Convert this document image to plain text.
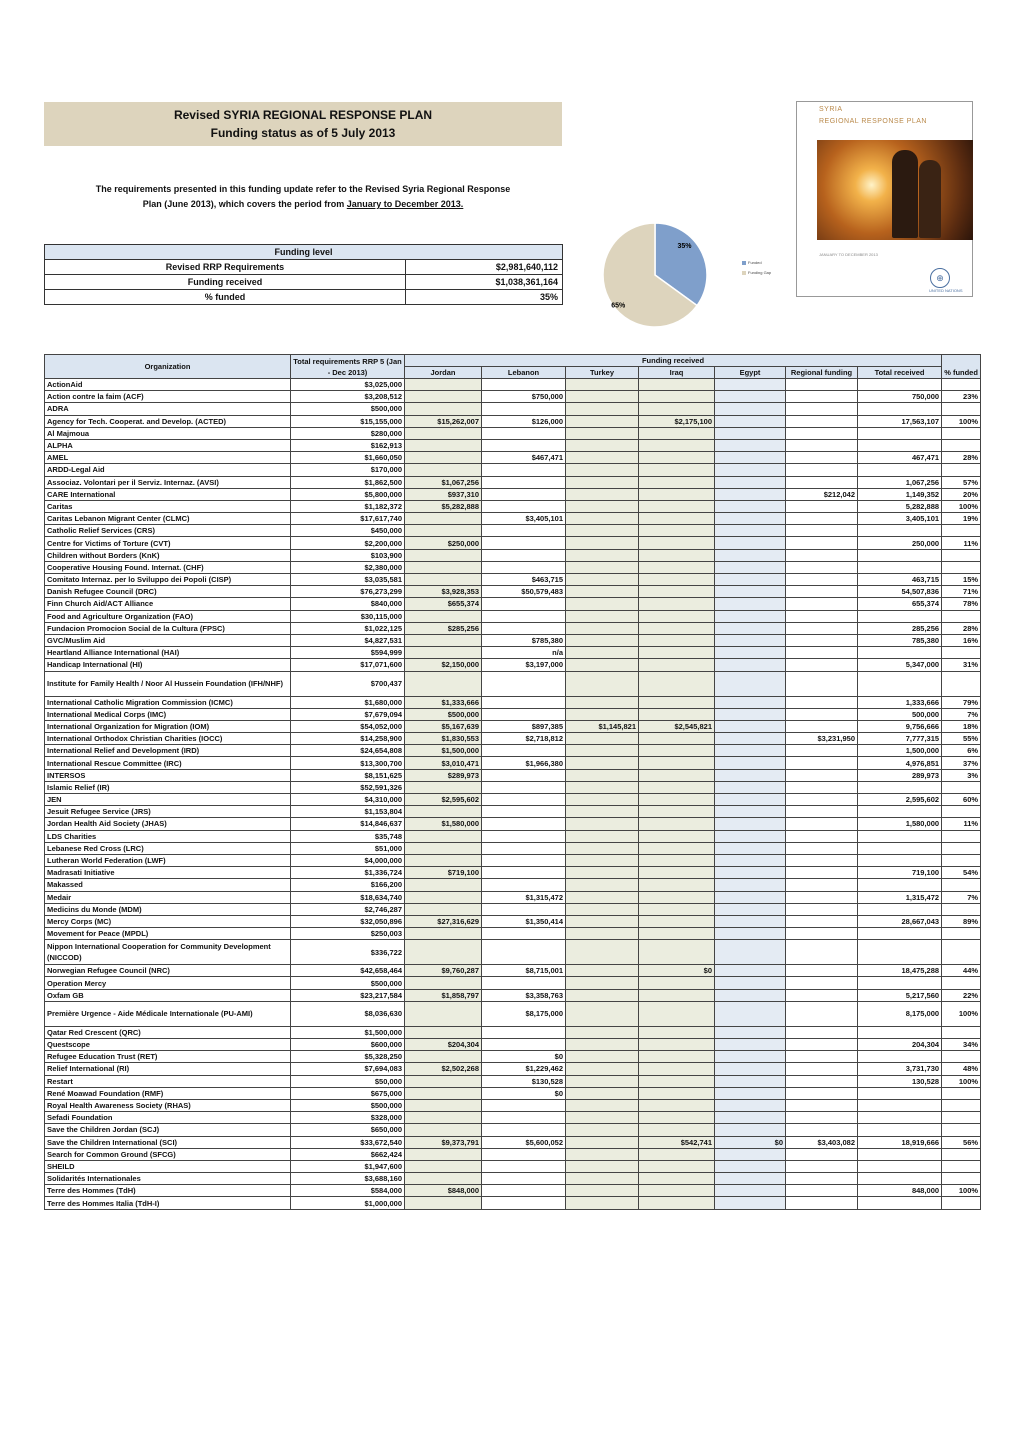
Revised SYRIA REGIONAL RESPONSE PLAN
Funding status as of 5 July 2013
The requirements presented in this funding update refer to the Revised Syria Regional Response
Plan (June 2013), which covers the period from January to December 2013.
Funding level	
Revised RRP Requirements	$2,981,640,112
Funding received	$1,038,361,164
% funded	35%
35%
65%
Funded
Funding Gap
SYRIA
REGIONAL RESPONSE PLAN
JANUARY TO DECEMBER 2013
⊕
UNITED NATIONS
Organization	Total requirements RRP 5 (Jan - Dec 2013)	Funding received							
		Jordan	Lebanon	Turkey	Iraq	Egypt	Regional funding	Total received	% funded
ActionAid	$3,025,000								
Action contre la faim (ACF)	$3,208,512		$750,000					750,000	23%
ADRA	$500,000								
Agency for Tech. Cooperat. and Develop. (ACTED)	$15,155,000	$15,262,007	$126,000		$2,175,100			17,563,107	100%
Al Majmoua	$280,000								
ALPHA	$162,913								
AMEL	$1,660,050		$467,471					467,471	28%
ARDD-Legal Aid	$170,000								
Associaz. Volontari per il Serviz. Internaz. (AVSI)	$1,862,500	$1,067,256						1,067,256	57%
CARE International	$5,800,000	$937,310					$212,042	1,149,352	20%
Caritas	$1,182,372	$5,282,888						5,282,888	100%
Caritas Lebanon Migrant Center (CLMC)	$17,617,740		$3,405,101					3,405,101	19%
Catholic Relief Services (CRS)	$450,000								
Centre for Victims of Torture (CVT)	$2,200,000	$250,000						250,000	11%
Children without Borders (KnK)	$103,900								
Cooperative Housing Found. Internat. (CHF)	$2,380,000								
Comitato Internaz. per lo Sviluppo dei Popoli (CISP)	$3,035,581		$463,715					463,715	15%
Danish Refugee Council (DRC)	$76,273,299	$3,928,353	$50,579,483					54,507,836	71%
Finn Church Aid/ACT Alliance	$840,000	$655,374						655,374	78%
Food and Agriculture Organization (FAO)	$30,115,000								
Fundacion Promocion Social de la Cultura (FPSC)	$1,022,125	$285,256						285,256	28%
GVC/Muslim Aid	$4,827,531		$785,380					785,380	16%
Heartland Alliance International (HAI)	$594,999		n/a						
Handicap International (HI)	$17,071,600	$2,150,000	$3,197,000					5,347,000	31%
Institute for Family Health / Noor Al Hussein Foundation (IFH/NHF)	$700,437								
International Catholic Migration Commission (ICMC)	$1,680,000	$1,333,666						1,333,666	79%
International Medical Corps (IMC)	$7,679,094	$500,000						500,000	7%
International Organization for Migration (IOM)	$54,052,000	$5,167,639	$897,385	$1,145,821	$2,545,821			9,756,666	18%
International Orthodox Christian Charities (IOCC)	$14,258,900	$1,830,553	$2,718,812				$3,231,950	7,777,315	55%
International Relief and Development (IRD)	$24,654,808	$1,500,000						1,500,000	6%
International Rescue Committee (IRC)	$13,300,700	$3,010,471	$1,966,380					4,976,851	37%
INTERSOS	$8,151,625	$289,973						289,973	3%
Islamic Relief (IR)	$52,591,326								
JEN	$4,310,000	$2,595,602						2,595,602	60%
Jesuit Refugee Service (JRS)	$1,153,804								
Jordan Health Aid Society (JHAS)	$14,846,637	$1,580,000						1,580,000	11%
LDS Charities	$35,748								
Lebanese Red Cross (LRC)	$51,000								
Lutheran World Federation (LWF)	$4,000,000								
Madrasati Initiative	$1,336,724	$719,100						719,100	54%
Makassed	$166,200								
Medair	$18,634,740		$1,315,472					1,315,472	7%
Medicins du Monde (MDM)	$2,746,287								
Mercy Corps (MC)	$32,050,896	$27,316,629	$1,350,414					28,667,043	89%
Movement for Peace (MPDL)	$250,003								
Nippon International Cooperation for Community Development (NICCOD)	$336,722								
Norwegian Refugee Council (NRC)	$42,658,464	$9,760,287	$8,715,001		$0			18,475,288	44%
Operation Mercy	$500,000								
Oxfam GB	$23,217,584	$1,858,797	$3,358,763					5,217,560	22%
Première Urgence - Aide Médicale Internationale (PU-AMI)	$8,036,630		$8,175,000					8,175,000	100%
Qatar Red Crescent (QRC)	$1,500,000								
Questscope	$600,000	$204,304						204,304	34%
Refugee Education Trust (RET)	$5,328,250		$0						
Relief International (RI)	$7,694,083	$2,502,268	$1,229,462					3,731,730	48%
Restart	$50,000		$130,528					130,528	100%
René Moawad Foundation (RMF)	$675,000		$0						
Royal Health Awareness Society (RHAS)	$500,000								
Sefadi Foundation	$328,000								
Save the Children Jordan (SCJ)	$650,000								
Save the Children International (SCI)	$33,672,540	$9,373,791	$5,600,052		$542,741	$0	$3,403,082	18,919,666	56%
Search for Common Ground (SFCG)	$662,424								
SHEILD	$1,947,600								
Solidarités Internationales	$3,688,160								
Terre des Hommes (TdH)	$584,000	$848,000						848,000	100%
Terre des Hommes Italia (TdH-I)	$1,000,000								
